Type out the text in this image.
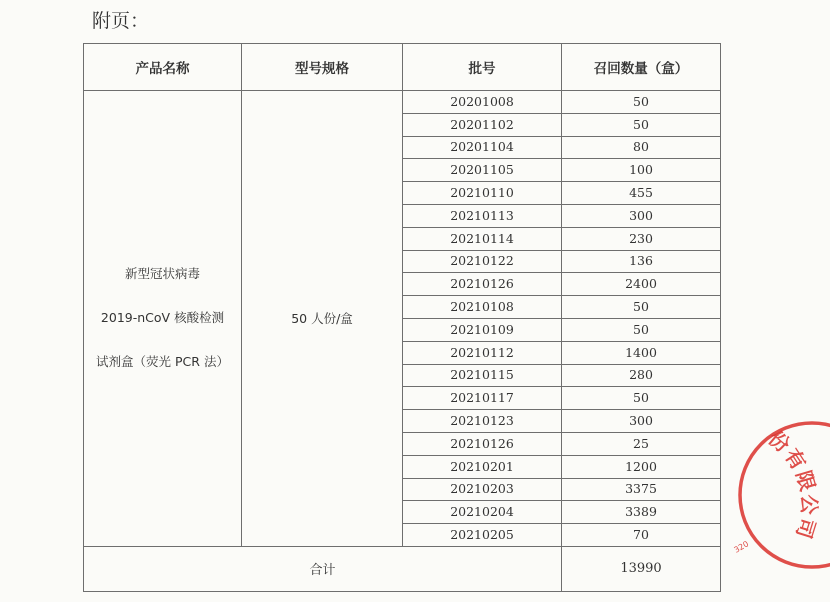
附页：
产品名称	型号规格	批号	召回数量（盒）

新型冠状病毒
2019-nCoV 核酸检测
试剂盒（荧光 PCR 法）	50 人份/盒	20201008	50
		20201102	50
		20201104	80
		20201105	100
		20210110	455
		20210113	300
		20210114	230
		20210122	136
		20210126	2400
		20210108	50
		20210109	50
		20210112	1400
		20210115	280
		20210117	50
		20210123	300
		20210126	25
		20210201	1200
		20210203	3375
		20210204	3389
		20210205	70
合计			13990
份有限公司
320
